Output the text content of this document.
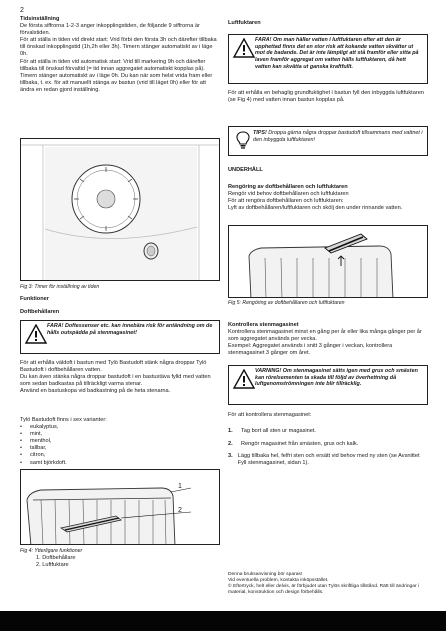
2

Tidsinställning

De första siffrorna 1-2-3 anger inkopplingstiden, de följande 9 siffrorna är förvalstiden.
För att ställa in tiden vid direkt start: Vrid förbi den första 3h och därefter tillbaka till önskad inkopplingstid (1h,2h eller 3h). Timern stänger automatiskt av i läge 0h.
För att ställa in tiden vid automatisk start: Vrid till markering 9h och därefter tillbaka till önskad förvaltid (= tid innan aggregatet automatiskt kopplas på). Timern stänger automatiskt av i läge 0h. Du kan när som helst vrida fram eller tillbaka, t. ex. för att manuellt stänga av bastun (vrid till läget 0h) eller för att ändra en redan gjord inställning.

Fig 3: Timer för inställning av tiden
Funktioner
Doftbehållaren
FARA! Doftessenser etc. kan innebära risk för antändning om de hålls outspädda på stenmagasinet!
För att erhålla väldoft i bastun med Tylö Bastudoft stänk några droppar Tylö Bastudoft i doftbehållaren vatten.
Du kan även stänka några droppar bastudoft i en bastustäva fylld med vatten som sedan badkastas på tillräckligt varma stenar.
Använd en bastuskopa vid badkastning på de heta stenarna.

Tylö Bastudoft finns i sex varianter:

•	eukalyptus,
•	mint,
•	menthol,
•	tallbar,
•	citron,
•	samt björkdoft.
1
2
Fig 4: Ytterligare funktioner

1. Doftbehållare

2. Luftfuktare

Luftfuktaren
FARA! Om man häller vatten i luftfuktaren efter att den är upphettad finns det en stor risk att kokande vatten skvätter ut mot de badande. Det är inte lämpligt att stå framför eller sitta på laven framför aggregat om vatten hälls luftfuktaren, då hett vatten kan skvätta ut ganska kraftfullt.
För att erhålla en behaglig grundfuktighet i bastun fyll den inbyggda luftfuktaren (se Fig 4) med vatten innan bastun kopplas på.
TIPS! Droppa gärna några droppar bastudoft tillsammans med vattnet i den inbyggda luftfuktaren!
UNDERHÅLL
Rengöring av doftbehållaren och luftfuktaren
Rengör vid behov doftbehållaren och luftfuktaren
För att rengöra doftbehållaren och luftfuktaren:
Lyft av doftbehållaren/luftfuktaren och skölj den under rinnande vatten.
Fig 5: Rengöring av doftbehållaren och luftfuktaren
Kontrollera stenmagasinet
Kontrollera stenmagasinet minst en gång per år eller lika många gånger per år som aggregatet används per vecka.
Exempel: Aggregatet används i snitt 3 gånger i veckan, kontrollera stenmagasinet 3 gånger om året.
VARNING! Om stenmagasinet sätts igen med grus och smästen kan rörelsementen ta skada till följd av överhettning då luftgenomströmningen inte blir tillräcklig.
För att kontrollera stenmagasinet:
1.	Tag bort all sten ur magasinet.
2.	Rengör magasinet från smästen, grus och kalk.
3. Lägg tillbaka hel, felfri sten och ersätt vid behov med ny sten (se Avsnittet Fyll stenmagasinet, sidan 1).
Denna bruksanvisning bör sparas!
Vid eventuella problem, kontakta inköpsstället.
© Eftertryck, helt eller delvis, är förbjudet utan Tylös skriftliga tillstånd. Rätt till ändringar i material, konstruktion och design förbehålls.
